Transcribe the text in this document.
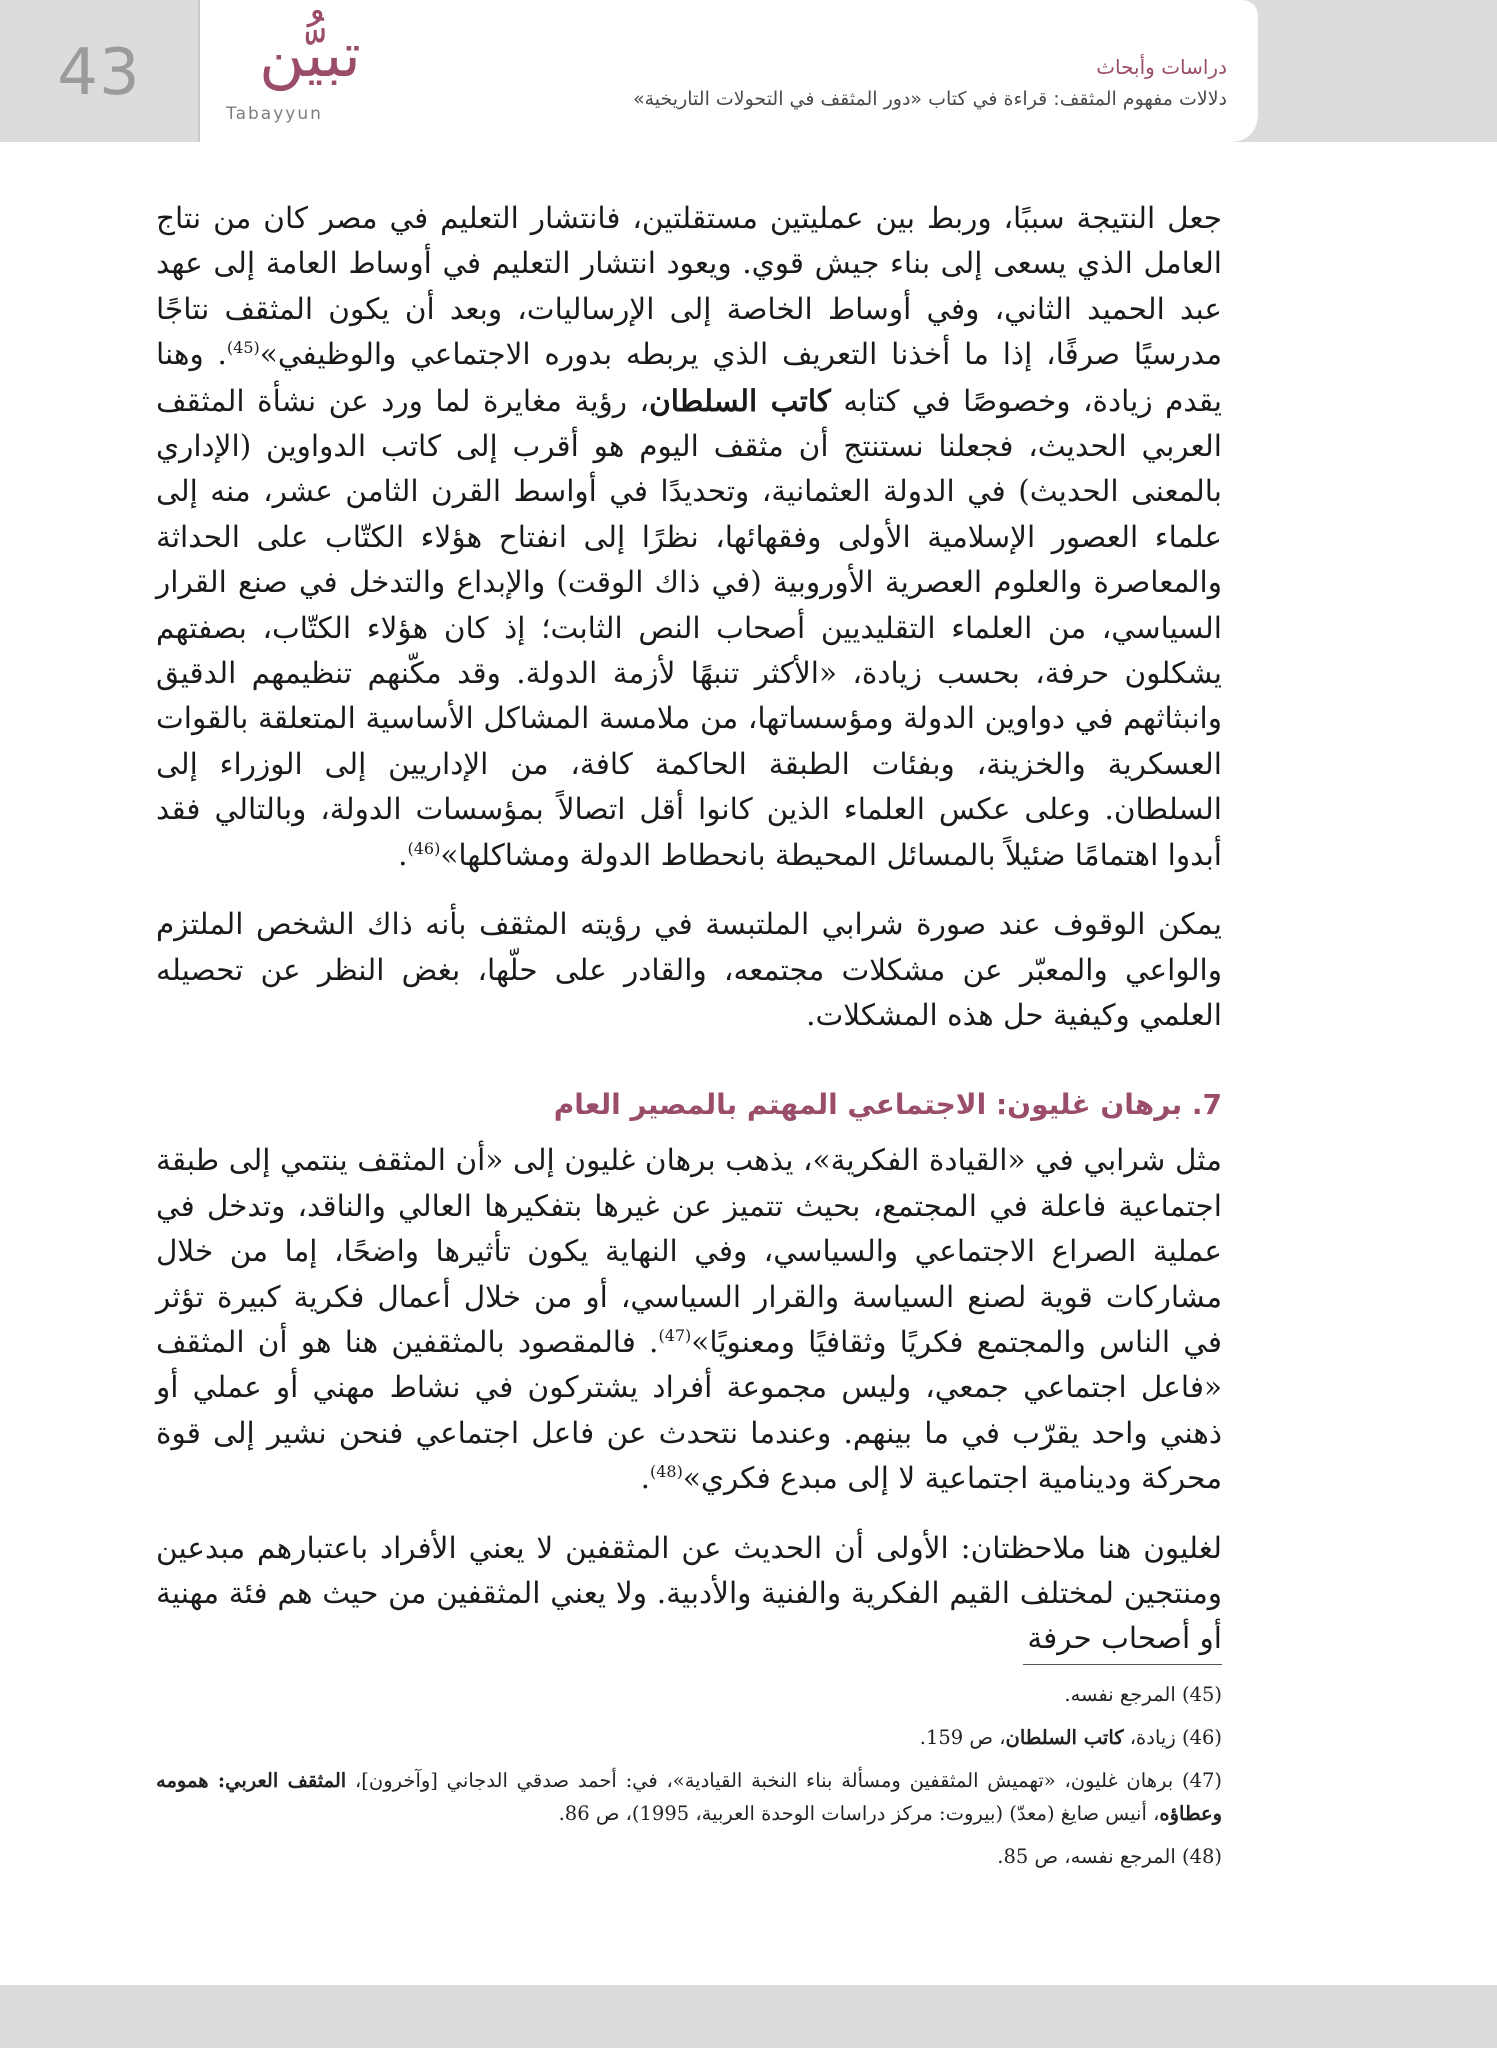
43	تبيُّن
Tabayyun
دراسات وأبحاث
دلالات مفهوم المثقف: قراءة في كتاب «دور المثقف في التحولات التاريخية»

جعل النتيجة سببًا، وربط بين عمليتين مستقلتين، فانتشار التعليم في مصر كان من نتاج العامل الذي يسعى إلى بناء جيش قوي. ويعود انتشار التعليم في أوساط العامة إلى عهد عبد الحميد الثاني، وفي أوساط الخاصة إلى الإرساليات، وبعد أن يكون المثقف نتاجًا مدرسيًا صرفًا، إذا ما أخذنا التعريف الذي يربطه بدوره الاجتماعي والوظيفي»$^{(45)}$. وهنا يقدم زيادة، وخصوصًا في كتابه كاتب السلطان، رؤية مغايرة لما ورد عن نشأة المثقف العربي الحديث، فجعلنا نستنتج أن مثقف اليوم هو أقرب إلى كاتب الدواوين (الإداري بالمعنى الحديث) في الدولة العثمانية، وتحديدًا في أواسط القرن الثامن عشر، منه إلى علماء العصور الإسلامية الأولى وفقهائها، نظرًا إلى انفتاح هؤلاء الكتّاب على الحداثة والمعاصرة والعلوم العصرية الأوروبية (في ذاك الوقت) والإبداع والتدخل في صنع القرار السياسي، من العلماء التقليديين أصحاب النص الثابت؛ إذ كان هؤلاء الكتّاب، بصفتهم يشكلون حرفة، بحسب زيادة، «الأكثر تنبهًا لأزمة الدولة. وقد مكّنهم تنظيمهم الدقيق وانبثاثهم في دواوين الدولة ومؤسساتها، من ملامسة المشاكل الأساسية المتعلقة بالقوات العسكرية والخزينة، وبفئات الطبقة الحاكمة كافة، من الإداريين إلى الوزراء إلى السلطان. وعلى عكس العلماء الذين كانوا أقل اتصالاً بمؤسسات الدولة، وبالتالي فقد أبدوا اهتمامًا ضئيلاً بالمسائل المحيطة بانحطاط الدولة ومشاكلها»$^{(46)}$.

يمكن الوقوف عند صورة شرابي الملتبسة في رؤيته المثقف بأنه ذاك الشخص الملتزم والواعي والمعبّر عن مشكلات مجتمعه، والقادر على حلّها، بغض النظر عن تحصيله العلمي وكيفية حل هذه المشكلات.

7. برهان غليون: الاجتماعي المهتم بالمصير العام

مثل شرابي في «القيادة الفكرية»، يذهب برهان غليون إلى «أن المثقف ينتمي إلى طبقة اجتماعية فاعلة في المجتمع، بحيث تتميز عن غيرها بتفكيرها العالي والناقد، وتدخل في عملية الصراع الاجتماعي والسياسي، وفي النهاية يكون تأثيرها واضحًا، إما من خلال مشاركات قوية لصنع السياسة والقرار السياسي، أو من خلال أعمال فكرية كبيرة تؤثر في الناس والمجتمع فكريًا وثقافيًا ومعنويًا»$^{(47)}$. فالمقصود بالمثقفين هنا هو أن المثقف «فاعل اجتماعي جمعي، وليس مجموعة أفراد يشتركون في نشاط مهني أو عملي أو ذهني واحد يقرّب في ما بينهم. وعندما نتحدث عن فاعل اجتماعي فنحن نشير إلى قوة محركة ودينامية اجتماعية لا إلى مبدع فكري»$^{(48)}$.

لغليون هنا ملاحظتان: الأولى أن الحديث عن المثقفين لا يعني الأفراد باعتبارهم مبدعين ومنتجين لمختلف القيم الفكرية والفنية والأدبية. ولا يعني المثقفين من حيث هم فئة مهنية أو أصحاب حرفة

(45) المرجع نفسه.

(46) زيادة، كاتب السلطان، ص 159.

(47) برهان غليون، «تهميش المثقفين ومسألة بناء النخبة القيادية»، في: أحمد صدقي الدجاني [وآخرون]، المثقف العربي: همومه وعطاؤه، أنيس صايغ (معدّ) (بيروت: مركز دراسات الوحدة العربية، 1995)، ص 86.

(48) المرجع نفسه، ص 85.
